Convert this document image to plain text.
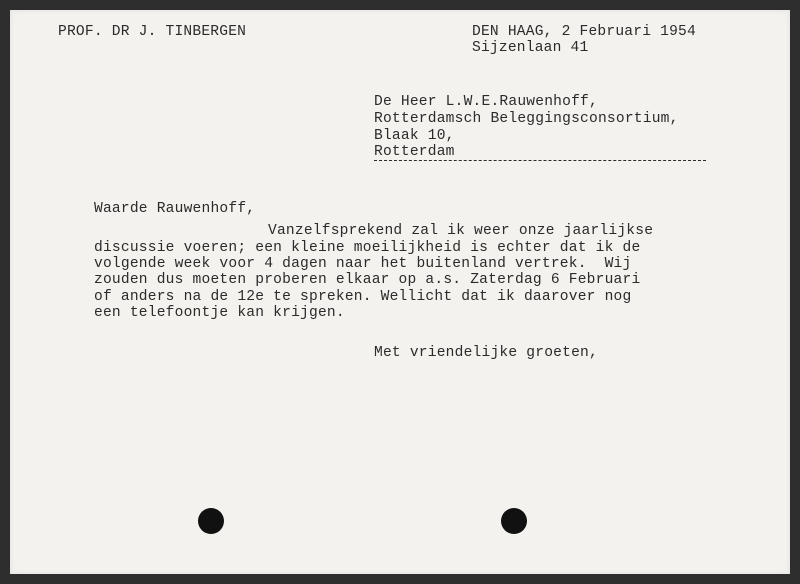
PROF. DR J. TINBERGEN	DEN HAAG, 2 Februari 1954
Sijzenlaan 41
De Heer L.W.E.Rauwenhoff,
Rotterdamsch Beleggingsconsortium,
Blaak 10,
Rotterdam
Waarde Rauwenhoff,
Vanzelfsprekend zal ik weer onze jaarlijkse
discussie voeren; een kleine moeilijkheid is echter dat ik de
volgende week voor 4 dagen naar het buitenland vertrek.  Wij
zouden dus moeten proberen elkaar op a.s. Zaterdag 6 Februari
of anders na de 12e te spreken. Wellicht dat ik daarover nog
een telefoontje kan krijgen.
Met vriendelijke groeten,
